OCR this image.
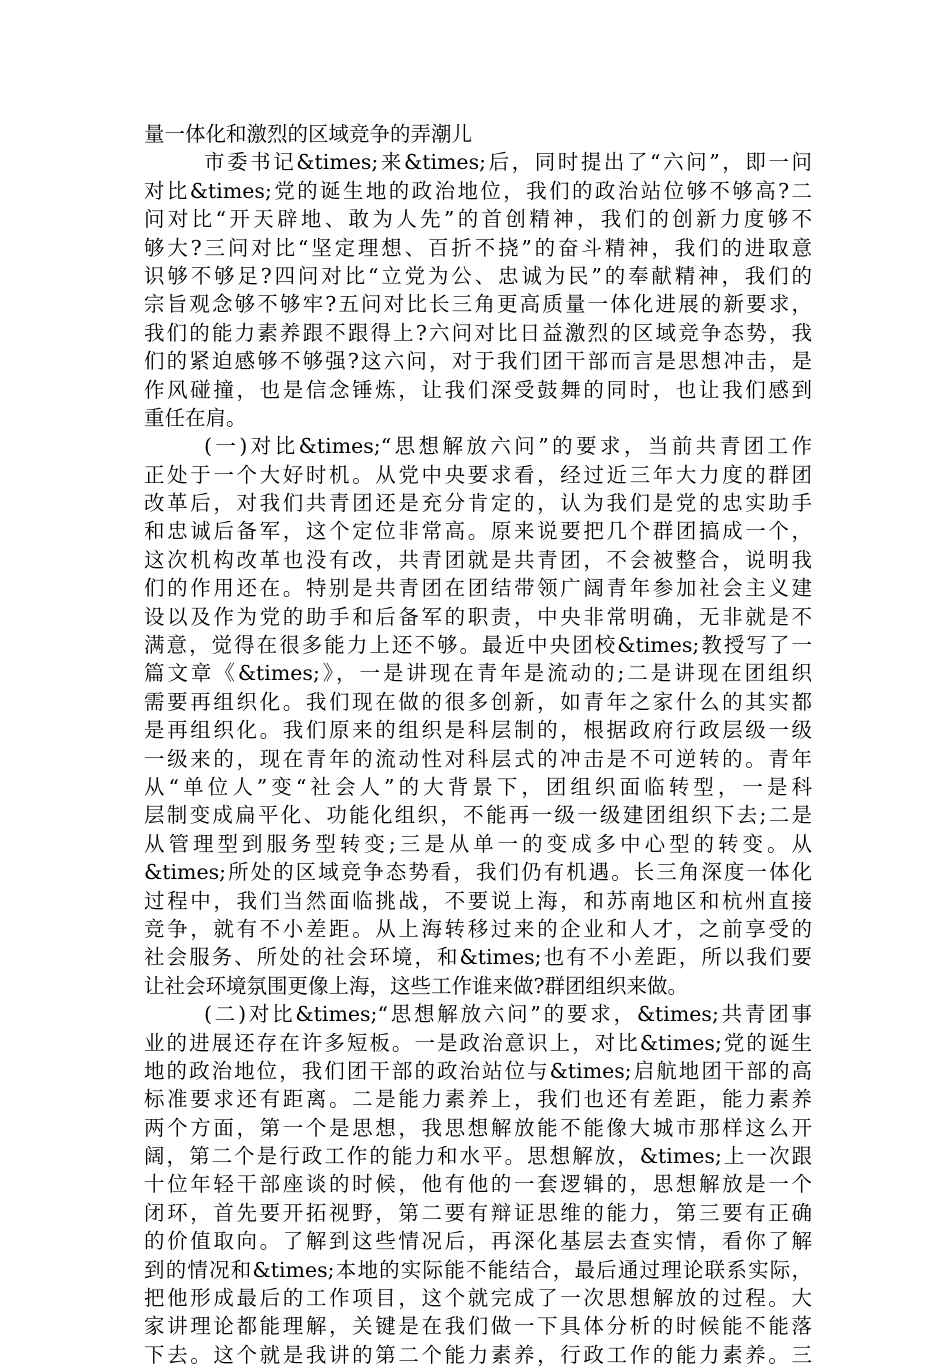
量一体化和激烈的区域竞争的弄潮儿
市委书记&times;来&times;后，同时提出了“六问”，即一问
对比&times;党的诞生地的政治地位，我们的政治站位够不够高?二
问对比“开天辟地、敢为人先”的首创精神，我们的创新力度够不
够大?三问对比“坚定理想、百折不挠”的奋斗精神，我们的进取意
识够不够足?四问对比“立党为公、忠诚为民”的奉献精神，我们的
宗旨观念够不够牢?五问对比长三角更高质量一体化进展的新要求，
我们的能力素养跟不跟得上?六问对比日益激烈的区域竞争态势，我
们的紧迫感够不够强?这六问，对于我们团干部而言是思想冲击，是
作风碰撞，也是信念锤炼，让我们深受鼓舞的同时，也让我们感到
重任在肩。
(一)对比&times;“思想解放六问”的要求，当前共青团工作
正处于一个大好时机。从党中央要求看，经过近三年大力度的群团
改革后，对我们共青团还是充分肯定的，认为我们是党的忠实助手
和忠诚后备军，这个定位非常高。原来说要把几个群团搞成一个，
这次机构改革也没有改，共青团就是共青团，不会被整合，说明我
们的作用还在。特别是共青团在团结带领广阔青年参加社会主义建
设以及作为党的助手和后备军的职责，中央非常明确，无非就是不
满意，觉得在很多能力上还不够。最近中央团校&times;教授写了一
篇文章《&times;》，一是讲现在青年是流动的;二是讲现在团组织
需要再组织化。我们现在做的很多创新，如青年之家什么的其实都
是再组织化。我们原来的组织是科层制的，根据政府行政层级一级
一级来的，现在青年的流动性对科层式的冲击是不可逆转的。青年
从“单位人”变“社会人”的大背景下，团组织面临转型，一是科
层制变成扁平化、功能化组织，不能再一级一级建团组织下去;二是
从管理型到服务型转变;三是从单一的变成多中心型的转变。从
&times;所处的区域竞争态势看，我们仍有机遇。长三角深度一体化
过程中，我们当然面临挑战，不要说上海，和苏南地区和杭州直接
竞争，就有不小差距。从上海转移过来的企业和人才，之前享受的
社会服务、所处的社会环境，和&times;也有不小差距，所以我们要
让社会环境氛围更像上海，这些工作谁来做?群团组织来做。
(二)对比&times;“思想解放六问”的要求，&times;共青团事
业的进展还存在许多短板。一是政治意识上，对比&times;党的诞生
地的政治地位，我们团干部的政治站位与&times;启航地团干部的高
标准要求还有距离。二是能力素养上，我们也还有差距，能力素养
两个方面，第一个是思想，我思想解放能不能像大城市那样这么开
阔，第二个是行政工作的能力和水平。思想解放，&times;上一次跟
十位年轻干部座谈的时候，他有他的一套逻辑的，思想解放是一个
闭环，首先要开拓视野，第二要有辩证思维的能力，第三要有正确
的价值取向。了解到这些情况后，再深化基层去查实情，看你了解
到的情况和&times;本地的实际能不能结合，最后通过理论联系实际，
把他形成最后的工作项目，这个就完成了一次思想解放的过程。大
家讲理论都能理解，关键是在我们做一下具体分析的时候能不能落
下去。这个就是我讲的第二个能力素养，行政工作的能力素养。三
